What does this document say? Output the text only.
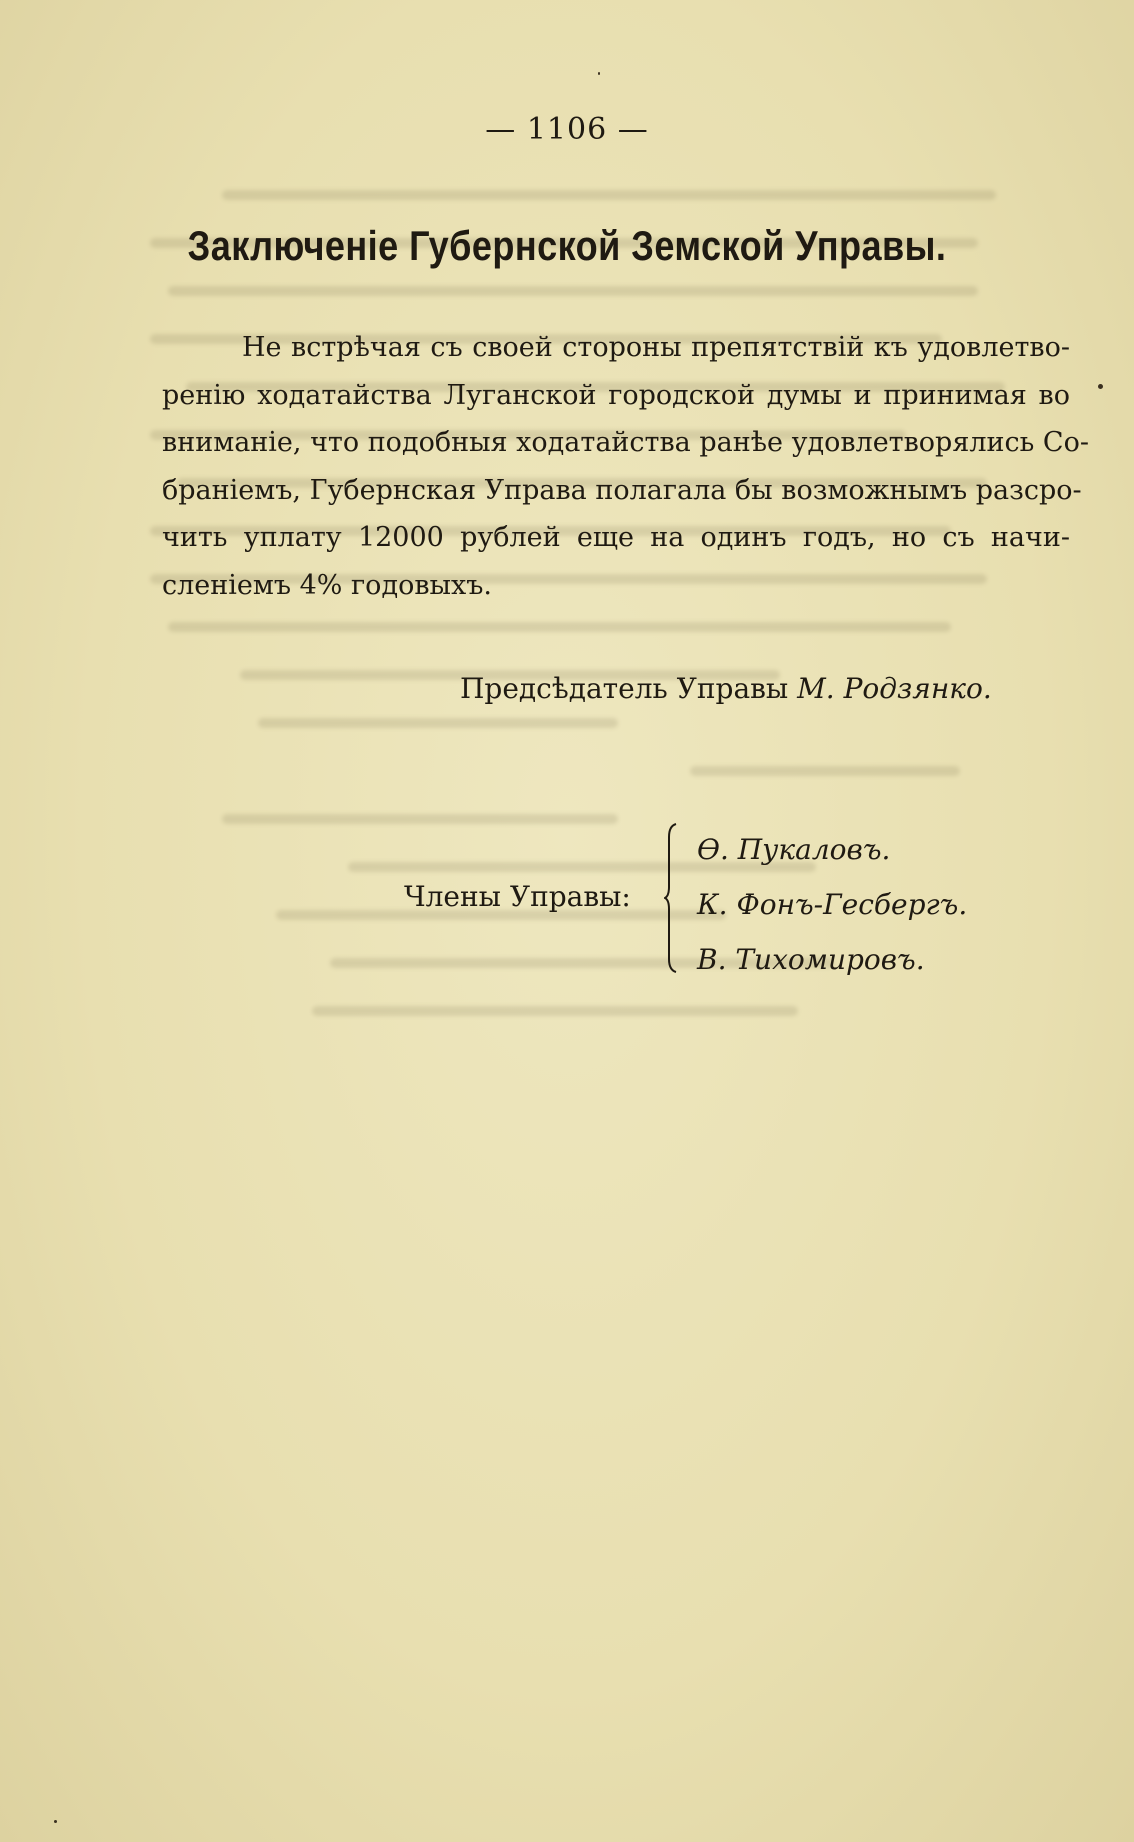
— 1106 —
Заключеніе Губернской Земской Управы.
Не встрѣчая съ своей стороны препятствій къ удовлетво-
ренію ходатайства Луганской городской думы и принимая во
вниманіе, что подобныя ходатайства ранѣе удовлетворялись Со-
браніемъ, Губернская Управа полагала бы возможнымъ разсро-
чить уплату 12000 рублей еще на одинъ годъ, но съ начи-
сленіемъ 4% годовыхъ.
Предсѣдатель Управы М. Родзянко.
Члены Управы:
Ѳ. Пукаловъ.
К. Фонъ-Гесбергъ.
В. Тихомировъ.
